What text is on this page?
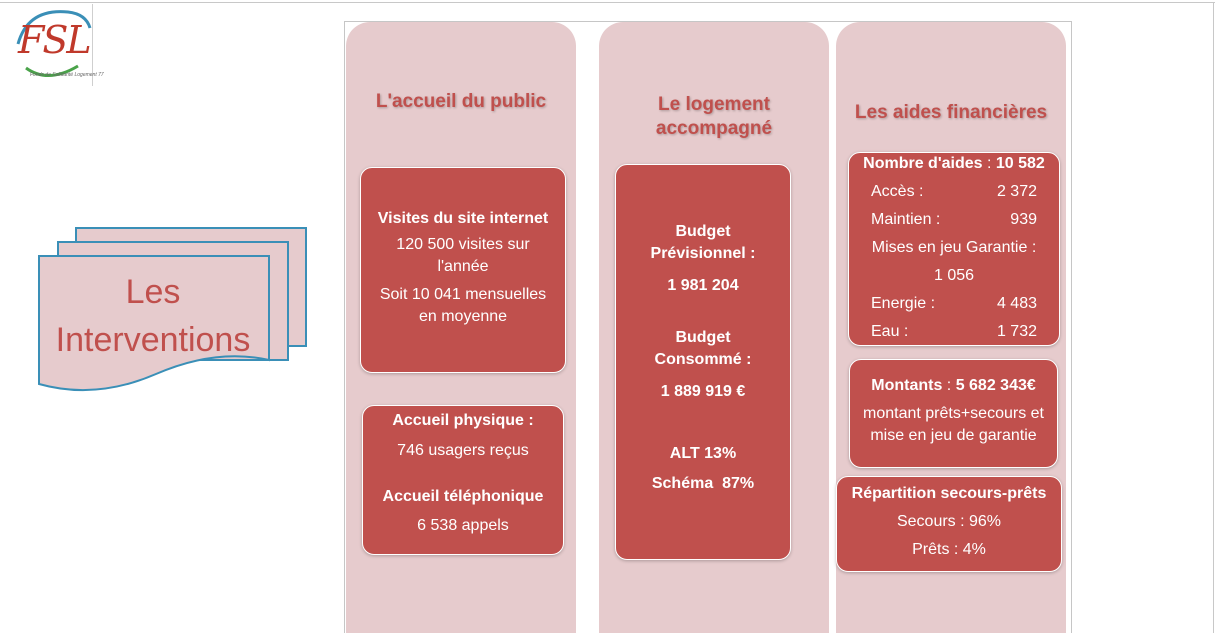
FSL
Fonds de Solidarité Logement 77
Les
Interventions
L'accueil du public
Visites du site internet
120 500 visites sur
l'année
Soit 10 041 mensuelles
en moyenne
Accueil physique :
746 usagers reçus
Accueil téléphonique
6 538 appels
Le logement
accompagné
Budget
Prévisionnel :
1 981 204
Budget
Consommé :
1 889 919 €
ALT 13%
Schéma  87%
Les aides financières
Nombre d'aides : 10 582
Accès :	2 372
Maintien :	939
Mises en jeu Garantie :
1 056
Energie :	4 483
Eau :	1 732
Montants : 5 682 343€
montant prêts+secours et
mise en jeu de garantie
Répartition secours-prêts
Secours : 96%
Prêts : 4%
